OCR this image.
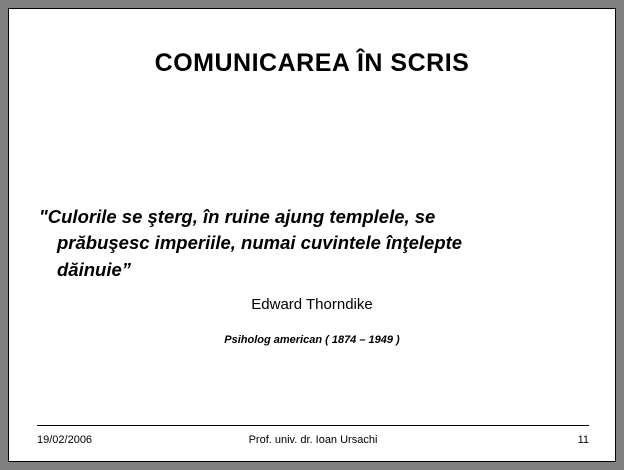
COMUNICAREA ÎN SCRIS
"Culorile se şterg, în ruine ajung templele, se
prăbuşesc imperiile, numai cuvintele înţelepte
dăinuie”
Edward Thorndike
Psiholog american ( 1874 – 1949 )
19/02/2006	Prof. univ. dr. Ioan Ursachi	11
